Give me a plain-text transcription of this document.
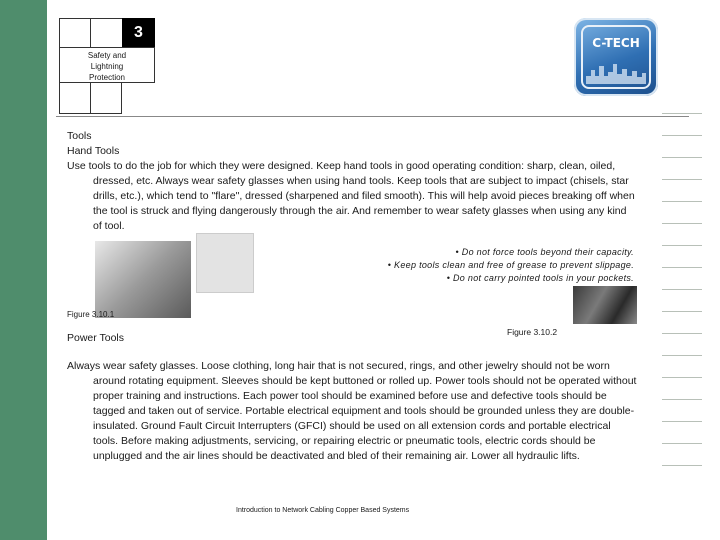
3
Safety and
Lightning
Protection
C-TECH
Tools
Hand Tools

Use tools to do the job for which they were designed. Keep hand tools in good operating condition: sharp, clean, oiled, dressed, etc. Always wear safety glasses when using hand tools. Keep tools that are subject to impact (chisels, star drills, etc.), which tend to "flare", dressed (sharpened and filed smooth). This will help avoid pieces breaking off when the tool is struck and flying dangerously through the air. And remember to wear safety glasses when using any kind of tool.

• Do not force tools beyond their capacity.
• Keep tools clean and free of grease to prevent slippage.
• Do not carry pointed tools in your pockets.
Figure 3.10.1
Figure 3.10.2
Power Tools

Always wear safety glasses. Loose clothing, long hair that is not secured, rings, and other jewelry should not be worn around rotating equipment. Sleeves should be kept buttoned or rolled up. Power tools should not be operated without proper training and instructions. Each power tool should be examined before use and defective tools should be tagged and taken out of service. Portable electrical equipment and tools should be grounded unless they are double-insulated. Ground Fault Circuit Interrupters (GFCI) should be used on all extension cords and portable electrical tools. Before making adjustments, servicing, or repairing electric or pneumatic tools, electric cords should be unplugged and the air lines should be deactivated and bled of their remaining air. Lower all hydraulic lifts.

Introduction to Network Cabling Copper Based Systems
